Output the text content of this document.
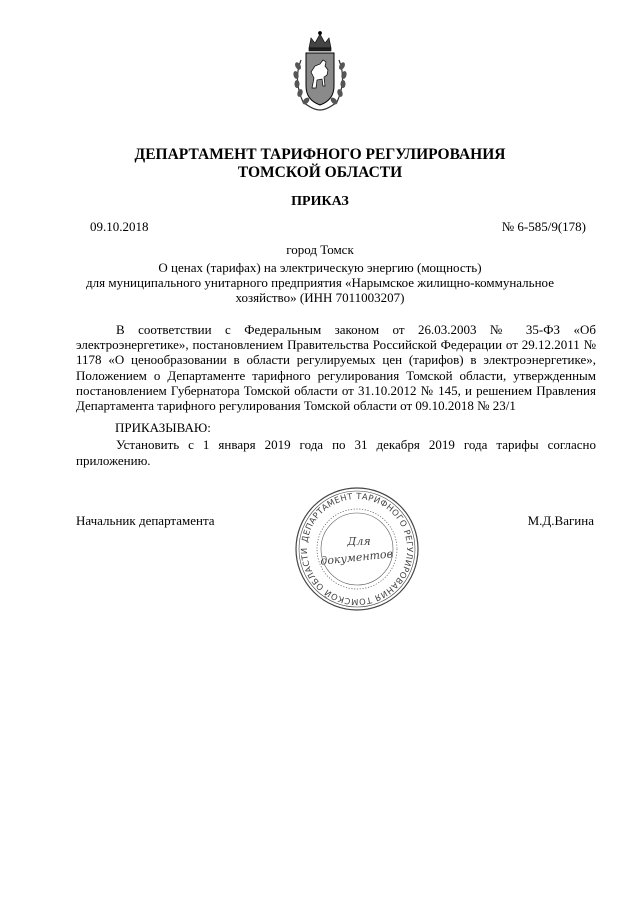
ДЕПАРТАМЕНТ ТАРИФНОГО РЕГУЛИРОВАНИЯ
ТОМСКОЙ ОБЛАСТИ
ПРИКАЗ
09.10.2018	№ 6-585/9(178)
город Томск
О ценах (тарифах) на электрическую энергию (мощность)
для муниципального унитарного предприятия «Нарымское жилищно-коммунальное
хозяйство» (ИНН 7011003207)
В соответствии с Федеральным законом от 26.03.2003 № 35-ФЗ «Об
электроэнергетике», постановлением Правительства Российской Федерации от 29.12.2011 №
1178 «О ценообразовании в области регулируемых цен (тарифов) в электроэнергетике»,
Положением о Департаменте тарифного регулирования Томской области, утвержденным
постановлением Губернатора Томской области от 31.10.2012 № 145, и решением Правления
Департамента тарифного регулирования Томской области от 09.10.2018 № 23/1
ПРИКАЗЫВАЮ:
Установить с 1 января 2019 года по 31 декабря 2019 года тарифы согласно
приложению.
Начальник департамента	М.Д.Вагина
ДЕПАРТАМЕНТ ТАРИФНОГО РЕГУЛИРОВАНИЯ ТОМСКОЙ ОБЛАСТИ
Для
документов
